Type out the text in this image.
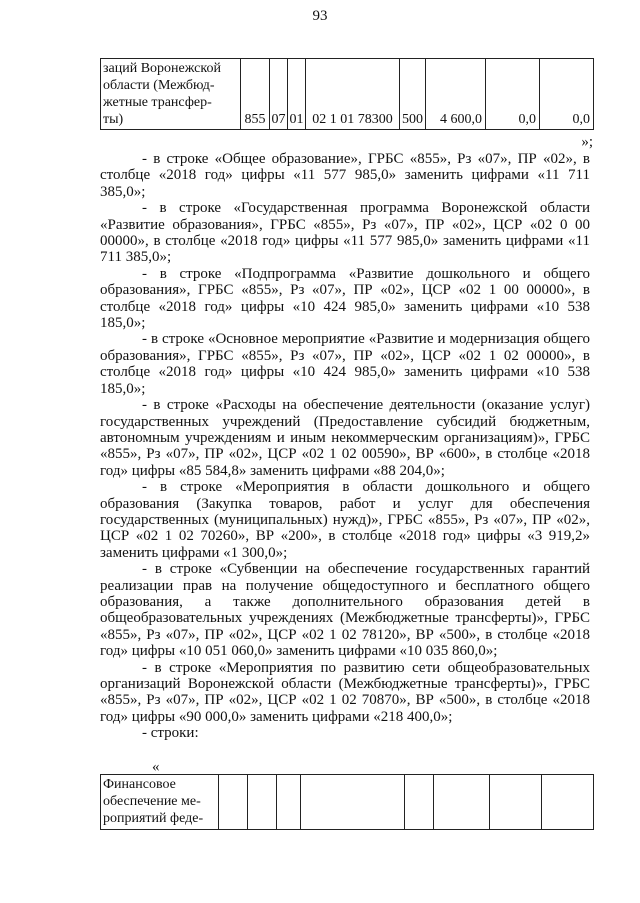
93
заций Воронежской
области (Межбюд-
жетные трансфер-
ты)	855	07	01	02 1 01 78300	500	4 600,0	0,0	0,0
»;

- в строке «Общее образование», ГРБС «855», Рз «07», ПР «02», в столбце «2018 год» цифры «11 577 985,0» заменить цифрами «11 711 385,0»;

- в строке «Государственная программа Воронежской области «Развитие образования», ГРБС «855», Рз «07», ПР «02», ЦСР «02 0 00 00000», в столбце «2018 год» цифры «11 577 985,0» заменить цифрами «11 711 385,0»;

- в строке «Подпрограмма «Развитие дошкольного и общего образования», ГРБС «855», Рз «07», ПР «02», ЦСР «02 1 00 00000», в столбце «2018 год» цифры «10 424 985,0» заменить цифрами «10 538 185,0»;

- в строке «Основное мероприятие «Развитие и модернизация общего образования», ГРБС «855», Рз «07», ПР «02», ЦСР «02 1 02 00000», в столбце «2018 год» цифры «10 424 985,0» заменить цифрами «10 538 185,0»;

- в строке «Расходы на обеспечение деятельности (оказание услуг) государственных учреждений (Предоставление субсидий бюджетным, автономным учреждениям и иным некоммерческим организациям)», ГРБС «855», Рз «07», ПР «02», ЦСР «02 1 02 00590», ВР «600», в столбце «2018 год» цифры «85 584,8» заменить цифрами «88 204,0»;

- в строке «Мероприятия в области дошкольного и общего образования (Закупка товаров, работ и услуг для обеспечения государственных (муниципальных) нужд)», ГРБС «855», Рз «07», ПР «02», ЦСР «02 1 02 70260», ВР «200», в столбце «2018 год» цифры «3 919,2» заменить цифрами «1 300,0»;

- в строке «Субвенции на обеспечение государственных гарантий реализации прав на получение общедоступного и бесплатного общего образования, а также дополнительного образования детей в общеобразовательных учреждениях (Межбюджетные трансферты)», ГРБС «855», Рз «07», ПР «02», ЦСР «02 1 02 78120», ВР «500», в столбце «2018 год» цифры «10 051 060,0» заменить цифрами «10 035 860,0»;

- в строке «Мероприятия по развитию сети общеобразовательных организаций Воронежской области (Межбюджетные трансферты)», ГРБС «855», Рз «07», ПР «02», ЦСР «02 1 02 70870», ВР «500», в столбце «2018 год» цифры «90 000,0» заменить цифрами «218 400,0»;

- строки:

«
Финансовое
обеспечение ме-
роприятий феде-
